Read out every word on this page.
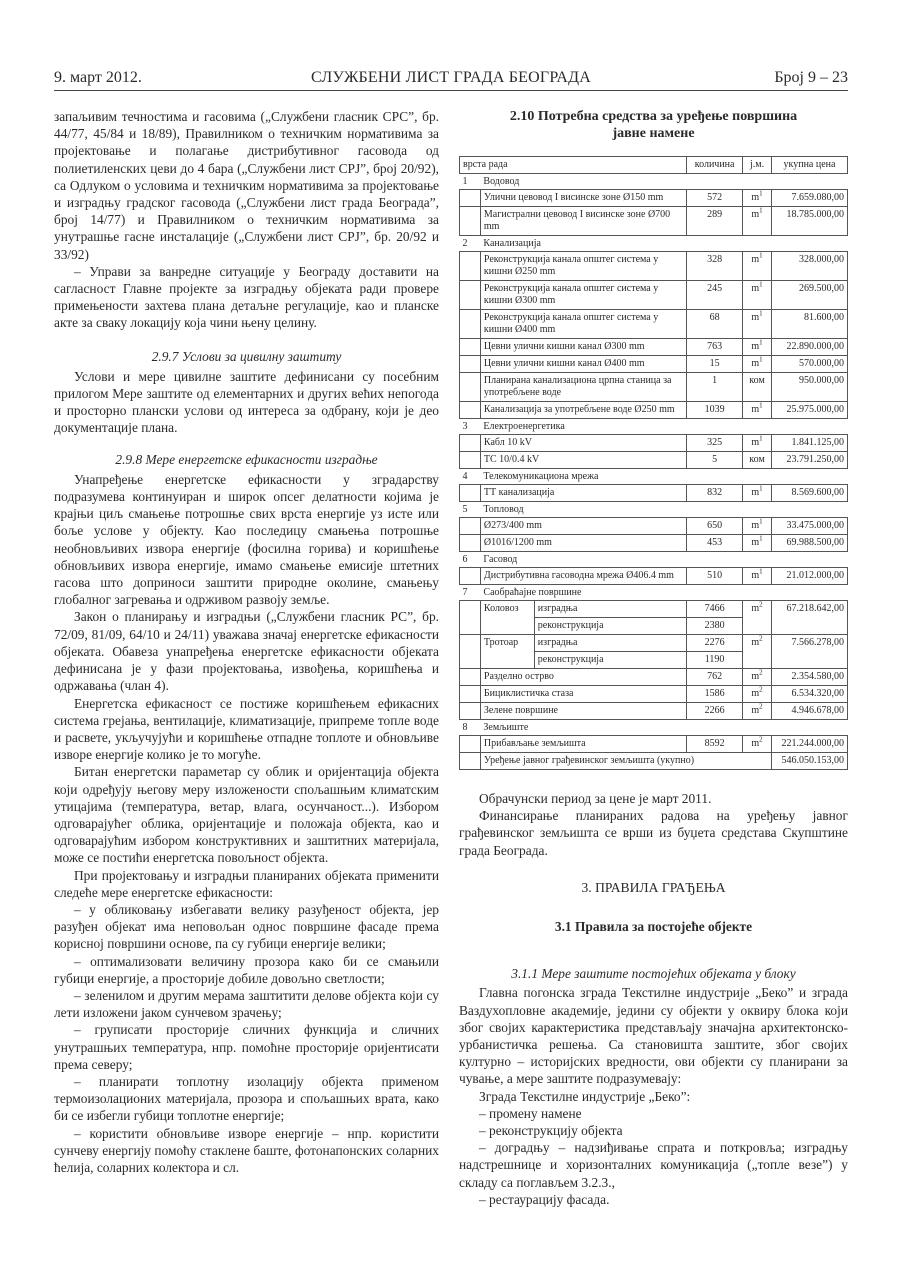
9. март 2012.	СЛУЖБЕНИ ЛИСТ ГРАДА БЕОГРАДА	Број 9 – 23

запаљивим течностима и гасовима („Службени гласник СРС”, бр. 44/77, 45/84 и 18/89), Правилником о техничким нормативима за пројектовање и полагање дистрибутивног гасовода од полиетиленских цеви до 4 бара („Службени лист СРЈ”, број 20/92), са Одлуком о условима и техничким нормативима за пројектовање и изградњу градског гасовода („Службени лист града Београда”, број 14/77) и Правилником о техничким нормативима за унутрашње гасне инсталације („Службени лист СРЈ”, бр. 20/92 и 33/92)

– Управи за ванредне ситуације у Београду доставити на сагласност Главне пројекте за изградњу објеката ради провере примењености захтева плана детаљне регулације, као и планске акте за сваку локацију која чини њену целину.

2.9.7 Услови за цивилну заштиту

Услови и мере цивилне заштите дефинисани су посебним прилогом Мере заштите од елементарних и других већих непогода и просторно плански услови од интереса за одбрану, који је део документације плана.

2.9.8 Мере енергетске ефикасности изградње

Унапређење енергетске ефикасности у зградарству подразумева континуиран и широк опсег делатности којима је крајњи циљ смањење потрошње свих врста енергије уз исте или боље услове у објекту. Као последицу смањења потрошње необновљивих извора енергије (фосилна горива) и коришћење обновљивих извора енергије, имамо смањење емисије штетних гасова што доприноси заштити природне околине, смањењу глобалног загревања и одрживом развоју земље.

Закон о планирању и изградњи („Службени гласник РС”, бр. 72/09, 81/09, 64/10 и 24/11) уважава значај енергетске ефикасности објеката. Обавеза унапређења енергетске ефикасности објеката дефинисана је у фази пројектовања, извођења, коришћења и одржавања (члан 4).

Енергетска ефикасност се постиже коришћењем ефикасних система грејања, вентилације, климатизације, припреме топле воде и расвете, укључујући и коришћење отпадне топлоте и обновљиве изворе енергије колико је то могуће.

Битан енергетски параметар су облик и оријентација објекта који одређују његову меру изложености спољашњим климатским утицајима (температура, ветар, влага, осунчаност...). Избором одговарајућег облика, оријентације и положаја објекта, као и одговарајућим избором конструктивних и заштитних материјала, може се постићи енергетска повољност објекта.

При пројектовању и изградњи планираних објеката применити следеће мере енергетске ефикасности:

– у обликовању избегавати велику разуђеност објекта, јер разуђен објекат има неповољан однос површине фасаде према корисној површини основе, па су губици енергије велики;

– оптимализовати величину прозора како би се смањили губици енергије, а просторије добиле довољно светлости;

– зеленилом и другим мерама заштитити делове објекта који су лети изложени јаком сунчевом зрачењу;

– груписати просторије сличних функција и сличних унутрашњих температура, нпр. помоћне просторије оријентисати према северу;

– планирати топлотну изолацију објекта применом термоизолационих материјала, прозора и спољашњих врата, како би се избегли губици топлотне енергије;

– користити обновљиве изворе енергије – нпр. користити сунчеву енергију помоћу стаклене баште, фотонапонских соларних ћелија, соларних колектора и сл.

2.10 Потребна средства за уређење површина јавне намене
врста рада			количина	ј.м.	укупна цена
1	Водовод				
	Улични цевовод I висинске зоне Ø150 mm		572	$m^1$	7.659.080,00
	Магистрални цевовод I висинске зоне Ø700 mm		289	$m^1$	18.785.000,00
2	Канализација				
	Реконструкција канала општег система у кишни Ø250 mm		328	$m^1$	328.000,00
	Реконструкција канала општег система у кишни Ø300 mm		245	$m^1$	269.500,00
	Реконструкција канала општег система у кишни Ø400 mm		68	$m^1$	81.600,00
	Цевни улични кишни канал Ø300 mm		763	$m^1$	22.890.000,00
	Цевни улични кишни канал Ø400 mm		15	$m^1$	570.000,00
	Планирана канализациона црпна станица за употребљене воде		1	ком	950.000,00
	Канализација за употребљене воде Ø250 mm		1039	$m^1$	25.975.000,00
3	Електроенергетика				
	Кабл 10 kV		325	$m^1$	1.841.125,00
	ТС 10/0.4 kV		5	ком	23.791.250,00
4	Телекомуникациона мрежа				
	ТТ канализација		832	$m^1$	8.569.600,00
5	Топловод				
	Ø273/400 mm		650	$m^1$	33.475.000,00
	Ø1016/1200 mm		453	$m^1$	69.988.500,00
6	Гасовод				
	Дистрибутивна гасоводна мрежа Ø406.4 mm		510	$m^1$	21.012.000,00
7	Саобраћајне површине				
	Коловоз	изградња	7466	$m^2$	67.218.642,00
		реконструкција	2380		
	Тротоар	изградња	2276	$m^2$	7.566.278,00
		реконструкција	1190		
	Разделно острво		762	$m^2$	2.354.580,00
	Бициклистичка стаза		1586	$m^2$	6.534.320,00
	Зелене површине		2266	$m^2$	4.946.678,00
8	Земљиште				
	Прибављање земљишта		8592	$m^2$	221.244.000,00
	Уређење јавног грађевинског земљишта (укупно)				546.050.153,00

Обрачунски период за цене је март 2011.

Финансирање планираних радова на уређењу јавног грађевинског земљишта се врши из буџета средстава Скупштине града Београда.

3. ПРАВИЛА ГРАЂЕЊА
3.1 Правила за постојеће објекте
3.1.1 Мере заштите постојећих објеката у блоку

Главна погонска зграда Текстилне индустрије „Беко” и зграда Ваздухопловне академије, једини су објекти у оквиру блока који због својих карактеристика представљају значајна архитектонско-урбанистичка решења. Са становишта заштите, због својих културно – историјских вредности, ови објекти су планирани за чување, а мере заштите подразумевају:

Зграда Текстилне индустрије „Беко”:

– промену намене

– реконструкцију објекта

– доградњу – надзиђивање спрата и поткровља; изградњу надстрешнице и хоризонталних комуникација („топле везе”) у складу са поглављем 3.2.3.,

– рестаурацију фасада.
